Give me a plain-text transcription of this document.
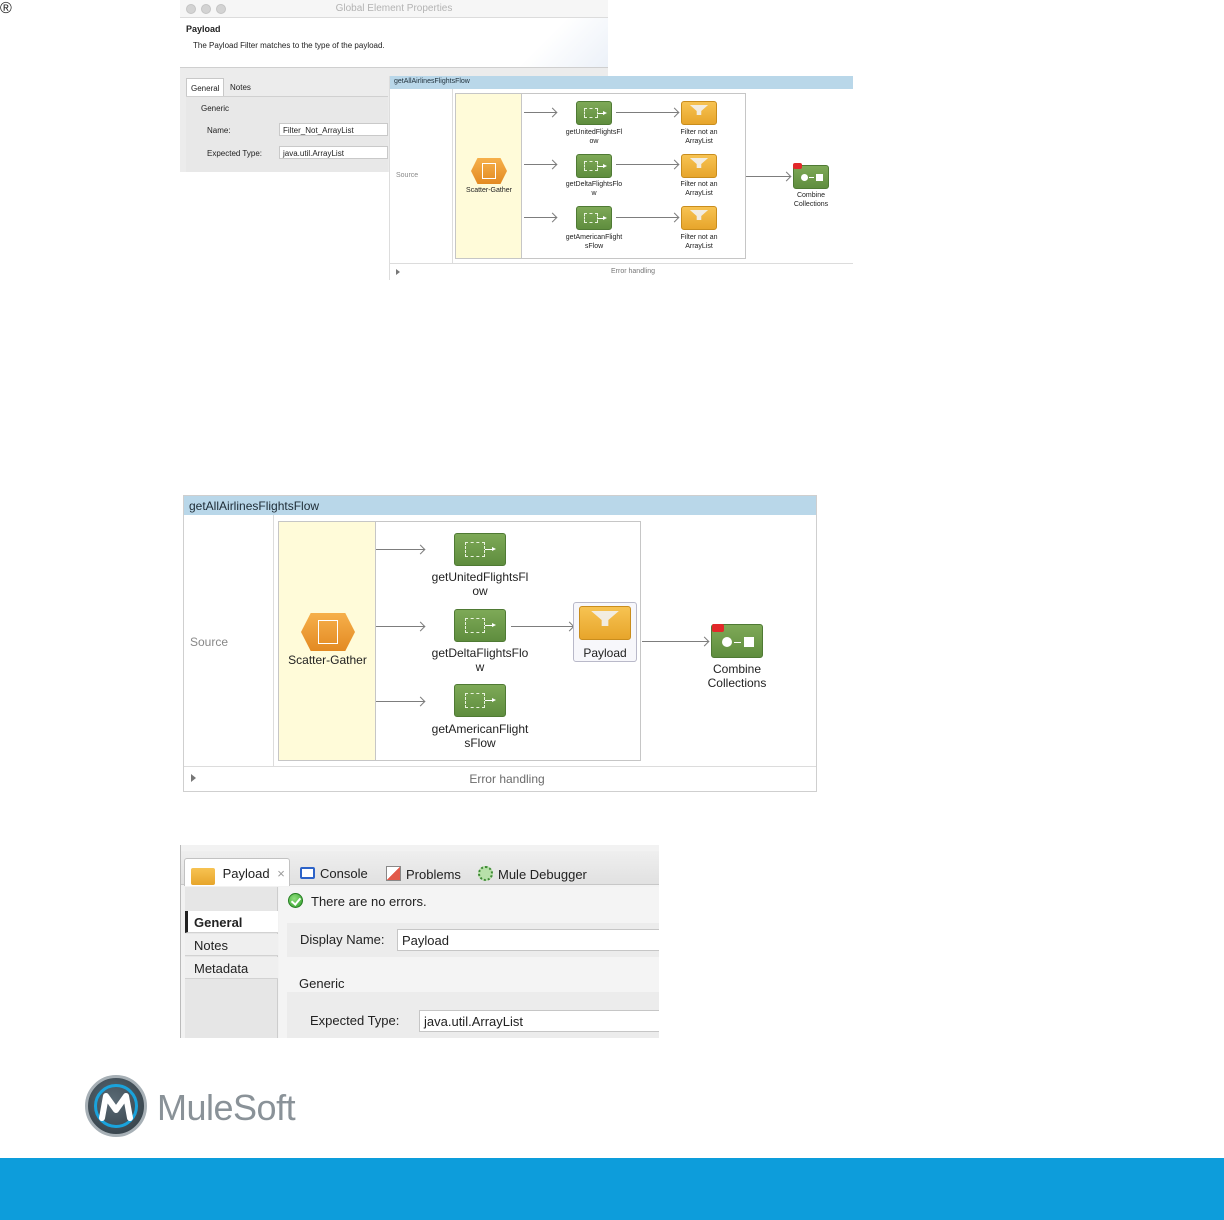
Global Element Properties
Payload
The Payload Filter matches to the type of the payload.
General	Notes
Generic
Name:	Filter_Not_ArrayList
Expected Type:	java.util.ArrayList
getAllAirlinesFlightsFlow
Source
Scatter-Gather
getUnitedFlightsFl
ow
getDeltaFlightsFlo
w
getAmericanFlight
sFlow
Filter not an
ArrayList
Filter not an
ArrayList
Filter not an
ArrayList
Combine
Collections
Error handling
getAllAirlinesFlightsFlow
Source
Scatter-Gather
getUnitedFlightsFl
ow
getDeltaFlightsFlo
w
getAmericanFlight
sFlow
Payload
Combine
Collections
Error handling
Payload ×	Console	Problems	Mule Debugger
General
Notes
Metadata
There are no errors.
Display Name:	Payload
Generic
Expected Type:	java.util.ArrayList
MuleSoft
®
